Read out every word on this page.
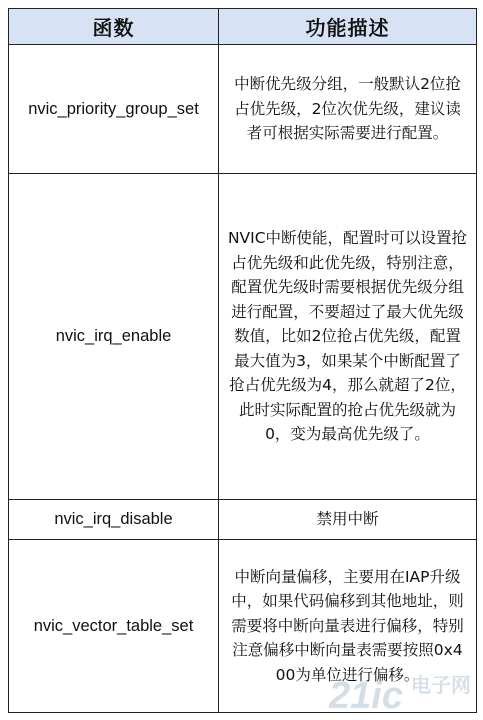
函数	功能描述
nvic_priority_group_set	中断优先级分组，一般默认2位抢占优先级，2位次优先级，建议读者可根据实际需要进行配置。
nvic_irq_enable	NVIC中断使能，配置时可以设置抢占优先级和此优先级，特别注意，配置优先级时需要根据优先级分组进行配置，不要超过了最大优先级数值，比如2位抢占优先级，配置最大值为3，如果某个中断配置了抢占优先级为4，那么就超了2位，此时实际配置的抢占优先级就为0，变为最高优先级了。
nvic_irq_disable	禁用中断
nvic_vector_table_set	中断向量偏移，主要用在IAP升级中，如果代码偏移到其他地址，则需要将中断向量表进行偏移，特别注意偏移中断向量表需要按照0x400为单位进行偏移。
21ic 电子网
